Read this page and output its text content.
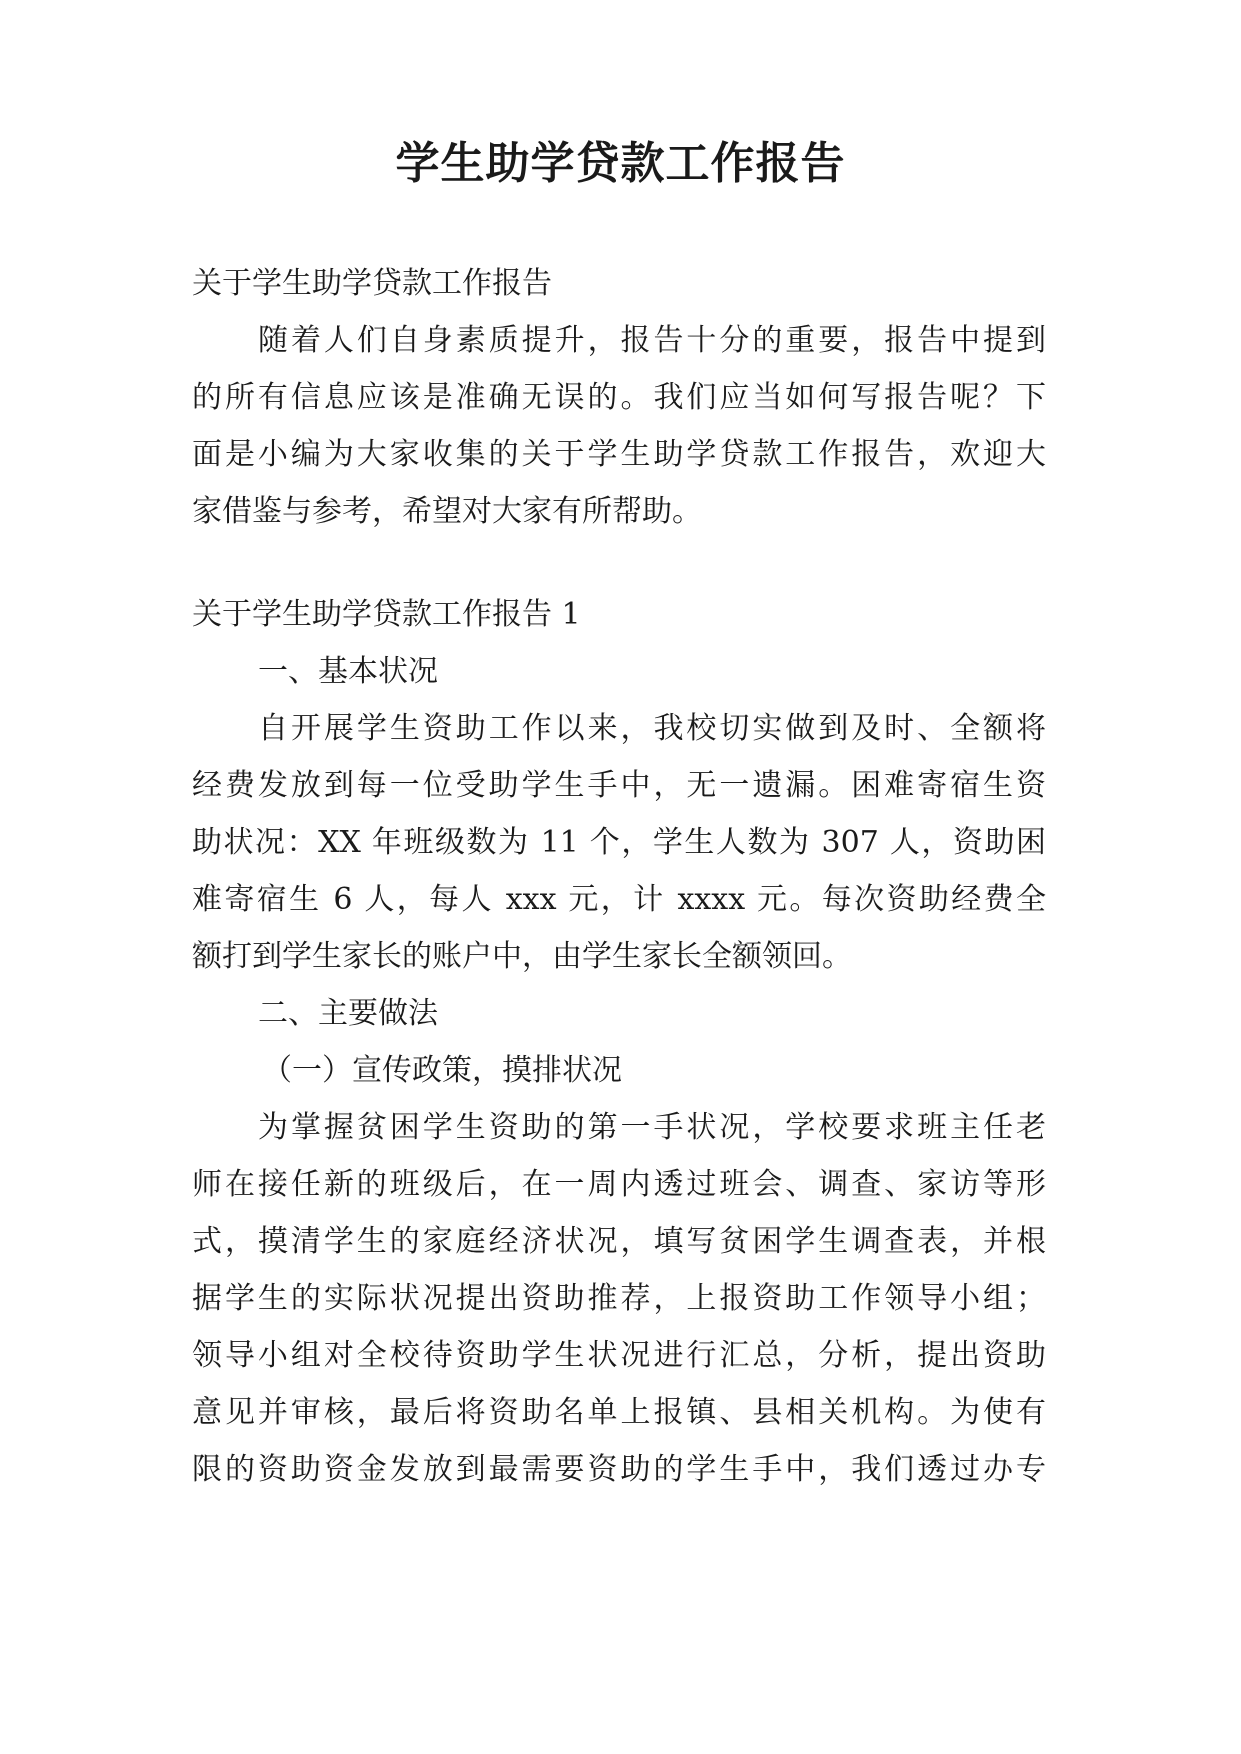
学生助学贷款工作报告
关于学生助学贷款工作报告
随着人们自身素质提升，报告十分的重要，报告中提到
的所有信息应该是准确无误的。我们应当如何写报告呢？下
面是小编为大家收集的关于学生助学贷款工作报告，欢迎大
家借鉴与参考，希望对大家有所帮助。
关于学生助学贷款工作报告 1
一、基本状况
自开展学生资助工作以来，我校切实做到及时、全额将
经费发放到每一位受助学生手中，无一遗漏。困难寄宿生资
助状况：XX 年班级数为 11 个，学生人数为 307 人，资助困
难寄宿生 6 人，每人 xxx 元，计 xxxx 元。每次资助经费全
额打到学生家长的账户中，由学生家长全额领回。
二、主要做法
（一）宣传政策，摸排状况
为掌握贫困学生资助的第一手状况，学校要求班主任老
师在接任新的班级后，在一周内透过班会、调查、家访等形
式，摸清学生的家庭经济状况，填写贫困学生调查表，并根
据学生的实际状况提出资助推荐，上报资助工作领导小组；
领导小组对全校待资助学生状况进行汇总，分析，提出资助
意见并审核，最后将资助名单上报镇、县相关机构。为使有
限的资助资金发放到最需要资助的学生手中，我们透过办专
